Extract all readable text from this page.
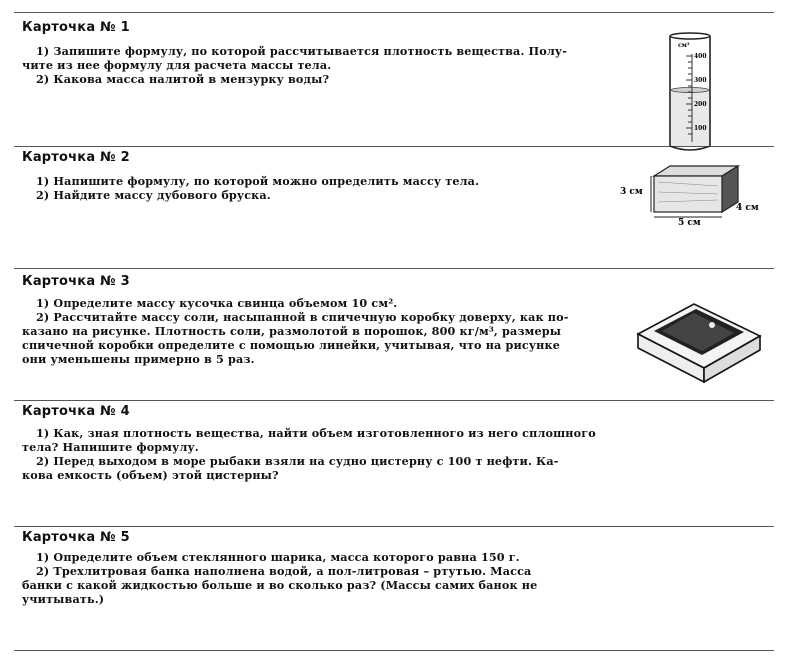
Карточка № 1
1) Запишите формулу, по которой рассчитывается плотность вещества. Полу-
чите из нее формулу для расчета массы тела.
2) Какова масса налитой в мензурку воды?
см³
400
300
200
100
Карточка № 2
1) Напишите формулу, по которой можно определить массу тела.
2) Найдите массу дубового бруска.	3 см
5 см
4 см
Карточка № 3
1) Определите массу кусочка свинца объемом 10 см².
2) Рассчитайте массу соли, насыпанной в спичечную коробку доверху, как по-
казано на рисунке. Плотность соли, размолотой в порошок, 800 кг/м³, размеры
спичечной коробки определите с помощью линейки, учитывая, что на рисунке
они уменьшены примерно в 5 раз.
Карточка № 4
1) Как, зная плотность вещества, найти объем изготовленного из него сплошного
тела? Напишите формулу.
2) Перед выходом в море рыбаки взяли на судно цистерну с 100 т нефти. Ка-
кова емкость (объем) этой цистерны?
Карточка № 5
1) Определите объем стеклянного шарика, масса которого равна 150 г.
2) Трехлитровая банка наполнена водой, а пол-литровая – ртутью. Масса
банки с какой жидкостью больше и во сколько раз? (Массы самих банок не
учитывать.)
